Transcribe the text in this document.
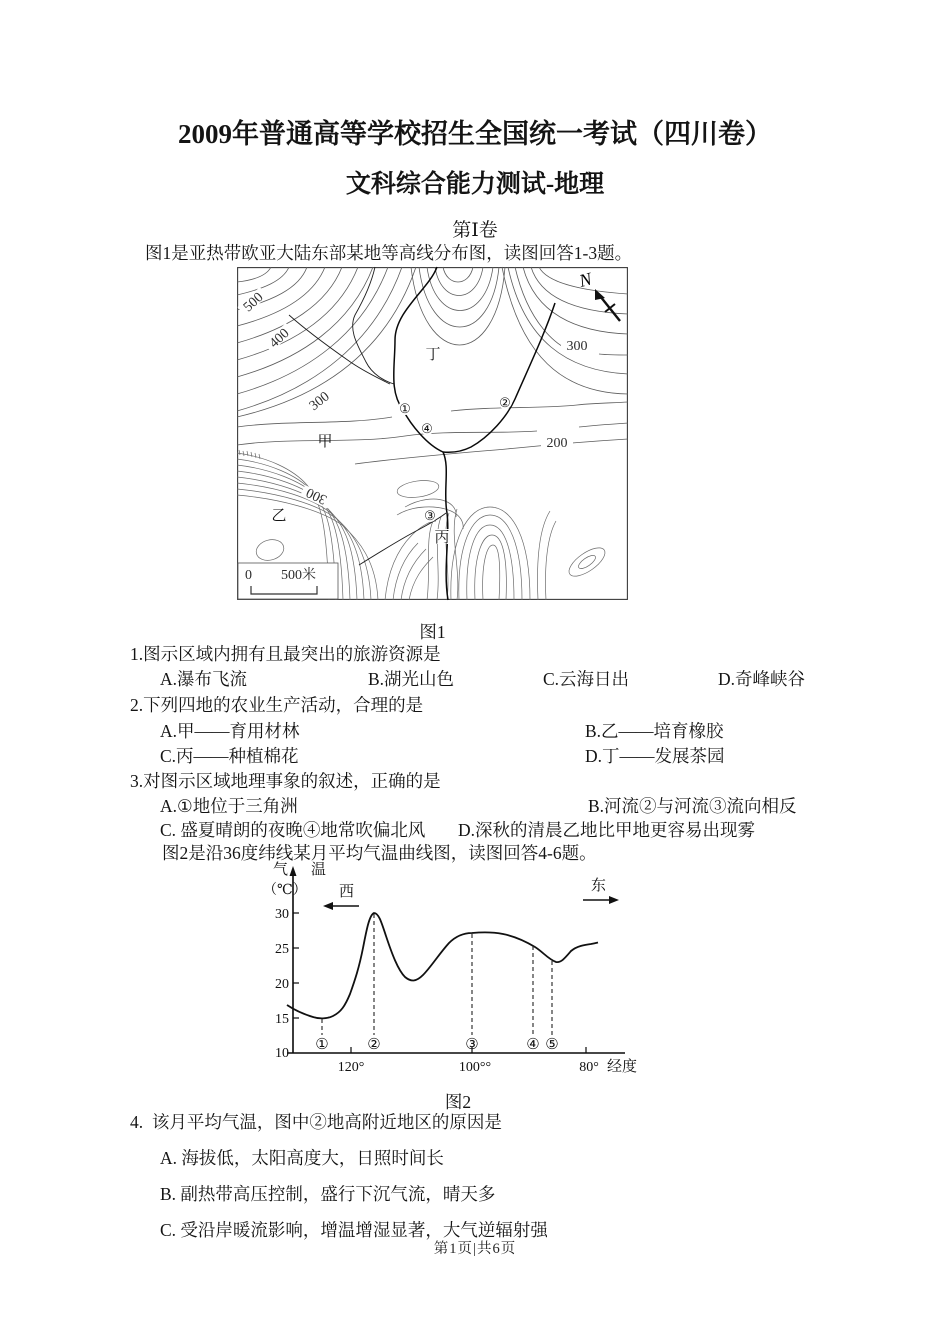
2009年普通高等学校招生全国统一考试（四川卷）
文科综合能力测试-地理
第Ⅰ卷
图1是亚热带欧亚大陆东部某地等高线分布图，读图回答1-3题。
500
400
300
300
200
300
丁
甲
乙
丙
①	②
③
④
N
0 500米
图1
1.图示区域内拥有且最突出的旅游资源是
A.瀑布飞流	B.湖光山色	C.云海日出	D.奇峰峡谷
2.下列四地的农业生产活动，合理的是
A.甲——育用材林	B.乙——培育橡胶
C.丙——种植棉花	D.丁——发展茶园
3.对图示区域地理事象的叙述，正确的是
A.①地位于三角洲	B.河流②与河流③流向相反
C. 盛夏晴朗的夜晚④地常吹偏北风 D.深秋的清晨乙地比甲地更容易出现雾
图2是沿36度纬线某月平均气温曲线图，读图回答4-6题。
30
25
20
15
10
120°	100°°	80° 经度
气 温
（℃） 西	东
①	②	③	④ ⑤
图2
4.  该月平均气温，图中②地高附近地区的原因是
A. 海拔低，太阳高度大，日照时间长
B. 副热带高压控制，盛行下沉气流，晴天多
C. 受沿岸暖流影响，增温增湿显著，大气逆辐射强
第1页|共6页
